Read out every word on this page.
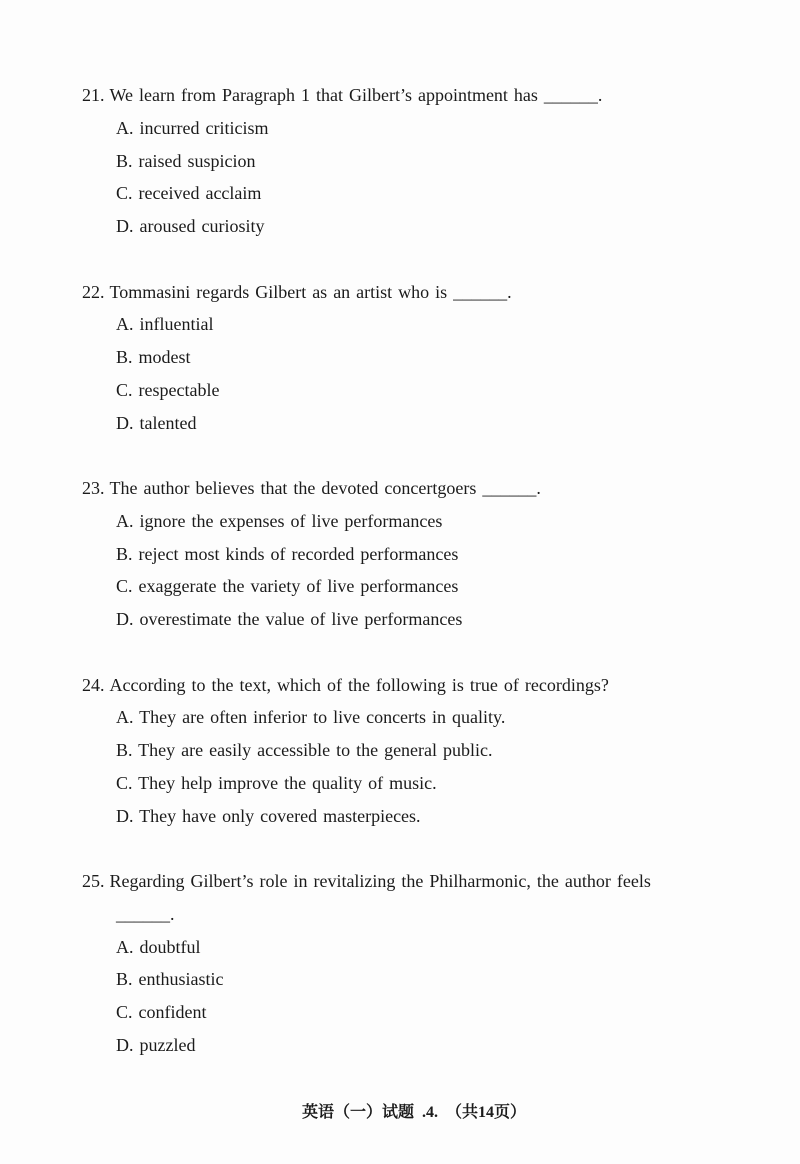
21. We learn from Paragraph 1 that Gilbert’s appointment has ______.
A. incurred criticism
B. raised suspicion
C. received acclaim
D. aroused curiosity
22. Tommasini regards Gilbert as an artist who is ______.
A. influential
B. modest
C. respectable
D. talented
23. The author believes that the devoted concertgoers ______.
A. ignore the expenses of live performances
B. reject most kinds of recorded performances
C. exaggerate the variety of live performances
D. overestimate the value of live performances
24. According to the text, which of the following is true of recordings?
A. They are often inferior to live concerts in quality.
B. They are easily accessible to the general public.
C. They help improve the quality of music.
D. They have only covered masterpieces.
25. Regarding Gilbert’s role in revitalizing the Philharmonic, the author feels
______.
A. doubtful
B. enthusiastic
C. confident
D. puzzled
英语（一）试题 .4. （共14页）
